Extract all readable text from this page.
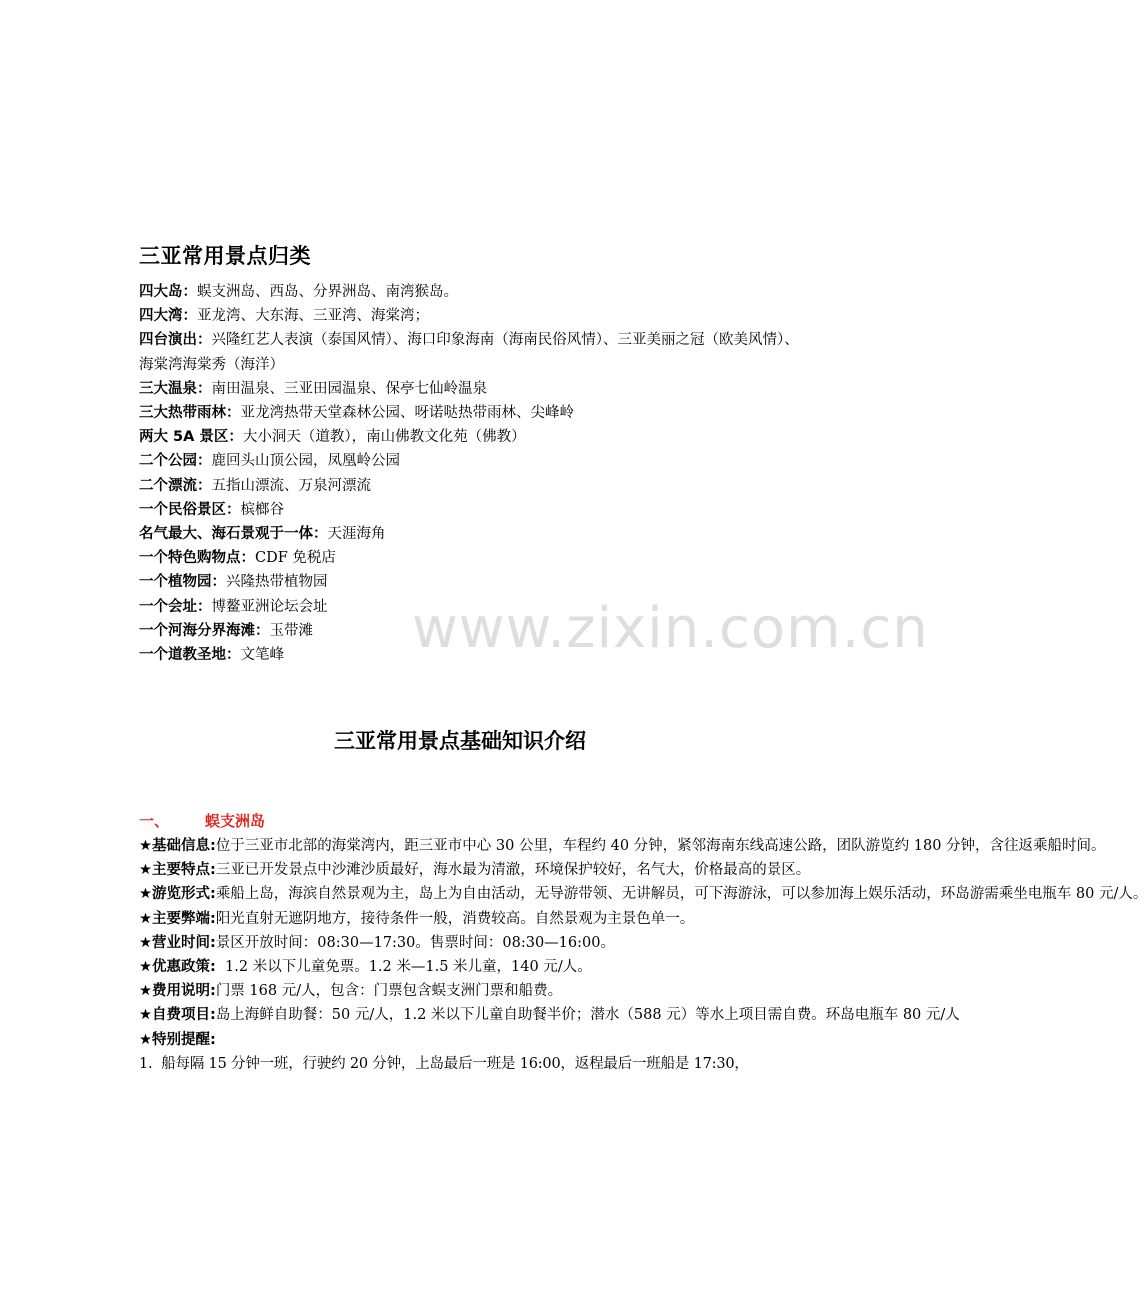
三亚常用景点归类
四大岛：蜈支洲岛、西岛、分界洲岛、南湾猴岛。
四大湾：亚龙湾、大东海、三亚湾、海棠湾；
四台演出：兴隆红艺人表演（泰国风情）、海口印象海南（海南民俗风情）、三亚美丽之冠（欧美风情）、海棠湾海棠秀（海洋）
三大温泉：南田温泉、三亚田园温泉、保亭七仙岭温泉
三大热带雨林：亚龙湾热带天堂森林公园、呀诺哒热带雨林、尖峰岭
两大 5A 景区：大小洞天（道教），南山佛教文化苑（佛教）
二个公园：鹿回头山顶公园，凤凰岭公园
二个漂流：五指山漂流、万泉河漂流
一个民俗景区：槟榔谷
名气最大、海石景观于一体：天涯海角
一个特色购物点：CDF 免税店
一个植物园：兴隆热带植物园
一个会址：博鳌亚洲论坛会址
一个河海分界海滩：玉带滩
一个道教圣地：文笔峰	www.zixin.com.cn
三亚常用景点基础知识介绍
一、 蜈支洲岛
★基础信息:位于三亚市北部的海棠湾内，距三亚市中心 30 公里，车程约 40 分钟，紧邻海南东线高速公路，团队游览约 180 分钟，含往返乘船时间。
★主要特点:三亚已开发景点中沙滩沙质最好，海水最为清澈，环境保护较好，名气大，价格最高的景区。
★游览形式:乘船上岛，海滨自然景观为主，岛上为自由活动，无导游带领、无讲解员，可下海游泳，可以参加海上娱乐活动，环岛游需乘坐电瓶车 80 元/人。
★主要弊端:阳光直射无遮阴地方，接待条件一般，消费较高。自然景观为主景色单一。
★营业时间:景区开放时间：08:30—17:30。售票时间：08:30—16:00。
★优惠政策:  1.2 米以下儿童免票。1.2 米—1.5 米儿童，140 元/人。
★费用说明:门票 168 元/人，包含：门票包含蜈支洲门票和船费。
★自费项目:岛上海鲜自助餐：50 元/人，1.2 米以下儿童自助餐半价；潜水（588 元）等水上项目需自费。环岛电瓶车 80 元/人
★特别提醒:
1.  船每隔 15 分钟一班，行驶约 20 分钟，上岛最后一班是 16:00，返程最后一班船是 17:30，
